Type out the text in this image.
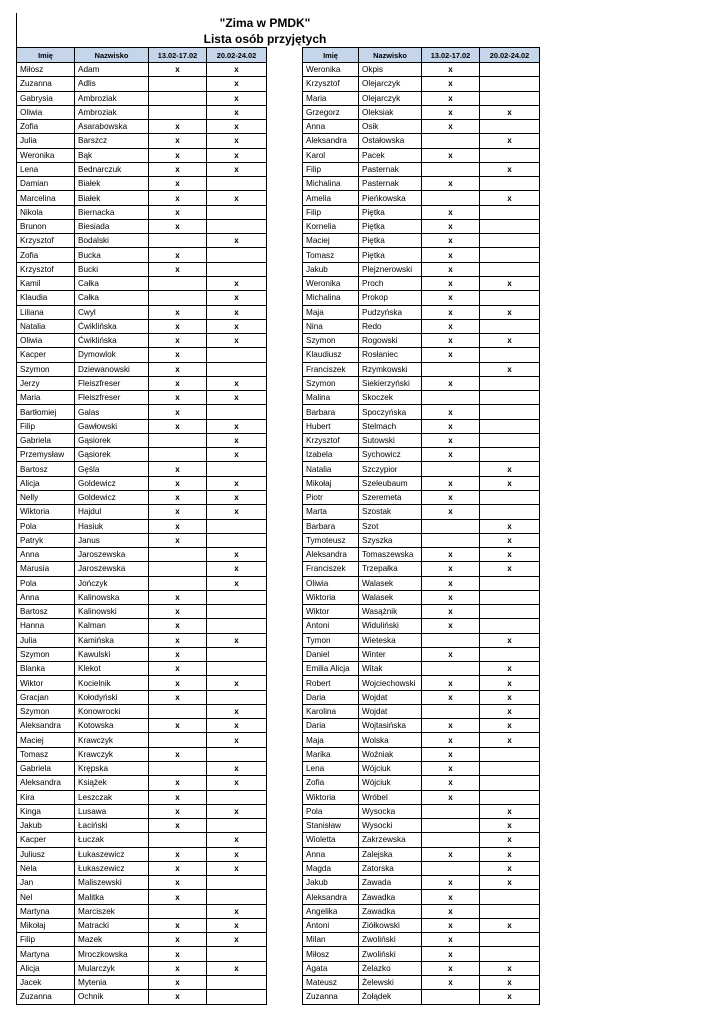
"Zima w PMDK"
Lista osób przyjętych
Imię	Nazwisko	13.02-17.02	20.02-24.02
Miłosz	Adam	x	x
Zuzanna	Adlis		x
Gabrysia	Ambroziak		x
Oliwia	Ambroziak		x
Zofia	Asarabowska	x	x
Julia	Barszcz	x	x
Weronika	Bąk	x	x
Lena	Bednarczuk	x	x
Damian	Białek	x	
Marcelina	Białek	x	x
Nikola	Biernacka	x	
Brunon	Biesiada	x	
Krzysztof	Bodalski		x
Zofia	Bucka	x	
Krzysztof	Bucki	x	
Kamil	Całka		x
Klaudia	Całka		x
Liliana	Cwyl	x	x
Natalia	Ćwiklińska	x	x
Oliwia	Ćwiklińska	x	x
Kacper	Dymowlok	x	
Szymon	Dziewanowski	x	
Jerzy	Fleiszfreser	x	x
Maria	Fleiszfreser	x	x
Bartłomiej	Galas	x	
Filip	Gawłowski	x	x
Gabriela	Gąsiorek		x
Przemysław	Gąsiorek		x
Bartosz	Gęśla	x	
Alicja	Goldewicz	x	x
Nelly	Goldewicz	x	x
Wiktoria	Hajdul	x	x
Pola	Hasiuk	x	
Patryk	Janus	x	
Anna	Jaroszewska		x
Marusia	Jaroszewska		x
Pola	Jończyk		x
Anna	Kalinowska	x	
Bartosz	Kalinowski	x	
Hanna	Kalman	x	
Julia	Kamińska	x	x
Szymon	Kawulski	x	
Blanka	Klekot	x	
Wiktor	Kocielnik	x	x
Gracjan	Kołodyński	x	
Szymon	Konowrocki		x
Aleksandra	Kotowska	x	x
Maciej	Krawczyk		x
Tomasz	Krawczyk	x	
Gabriela	Krępska		x
Aleksandra	Książek	x	x
Kira	Leszczak	x	
Kinga	Lusawa	x	x
Jakub	Łaciński	x	
Kacper	Łuczak		x
Juliusz	Łukaszewicz	x	x
Nela	Łukaszewicz	x	x
Jan	Maliszewski	x	
Nel	Malitka	x	
Martyna	Marciszek		x
Mikołaj	Matracki	x	x
Filip	Mazek	x	x
Martyna	Mroczkowska	x	
Alicja	Mularczyk	x	x
Jacek	Mytenia	x	
Zuzanna	Ochnik	x	
Imię	Nazwisko	13.02-17.02	20.02-24.02
Weronika	Okpis	x	
Krzysztof	Olejarczyk	x	
Maria	Olejarczyk	x	
Grzegorz	Oleksiak	x	x
Anna	Osik	x	
Aleksandra	Ostałowska		x
Karol	Pacek	x	
Filip	Pasternak		x
Michalina	Pasternak	x	
Amelia	Pieńkowska		x
Filip	Piętka	x	
Kornelia	Piętka	x	
Maciej	Piętka	x	
Tomasz	Piętka	x	
Jakub	Plejznerowski	x	
Weronika	Proch	x	x
Michalina	Prokop	x	
Maja	Pudzyńska	x	x
Nina	Redo	x	
Szymon	Rogowski	x	x
Klaudiusz	Rosłaniec	x	
Franciszek	Rzymkowski		x
Szymon	Siekierzyński	x	
Malina	Skoczek		
Barbara	Spoczyńska	x	
Hubert	Stelmach	x	
Krzysztof	Sutowski	x	
Izabela	Sychowicz	x	
Natalia	Szczypior		x
Mikołaj	Szeleubaum	x	x
Piotr	Szeremeta	x	
Marta	Szostak	x	
Barbara	Szot		x
Tymoteusz	Szyszka		x
Aleksandra	Tomaszewska	x	x
Franciszek	Trzepałka	x	x
Oliwia	Walasek	x	
Wiktoria	Walasek	x	
Wiktor	Wasążnik	x	
Antoni	Widuliński	x	
Tymon	Wieteska		x
Daniel	Winter	x	
Emilia Alicja	Witak		x
Robert	Wojciechowski	x	x
Daria	Wojdat	x	x
Karolina	Wojdat		x
Daria	Wojtasińska	x	x
Maja	Wolska	x	x
Marika	Woźniak	x	
Lena	Wójciuk	x	
Zofia	Wójciuk	x	
Wiktoria	Wróbel	x	
Pola	Wysocka		x
Stanisław	Wysocki		x
Wioletta	Zakrzewska		x
Anna	Zalejska	x	x
Magda	Zatorska		x
Jakub	Zawada	x	x
Aleksandra	Zawadka	x	
Angelika	Zawadka	x	
Antoni	Ziółkowski	x	x
Milan	Zwoliński	x	
Miłosz	Zwoliński	x	
Agata	Żelazko	x	x
Mateusz	Żelewski	x	x
Zuzanna	Żołądek		x
